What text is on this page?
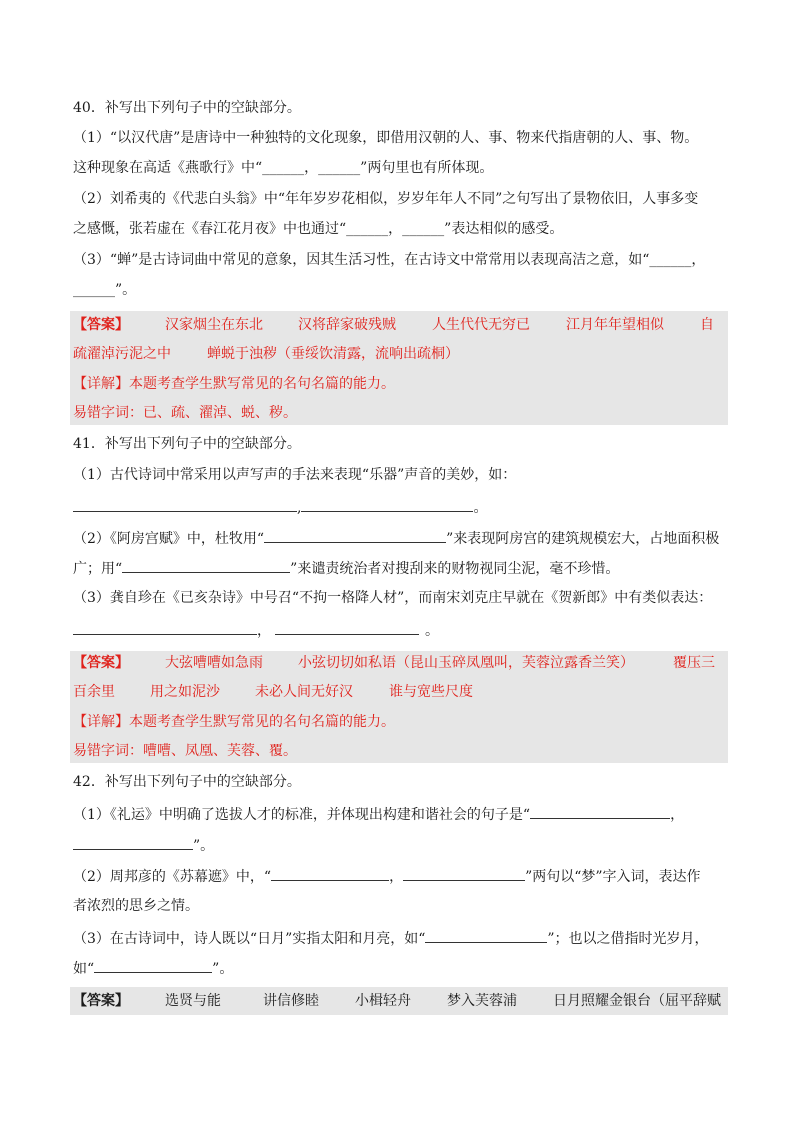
40．补写出下列句子中的空缺部分。
（1）“以汉代唐”是唐诗中一种独特的文化现象，即借用汉朝的人、事、物来代指唐朝的人、事、物。
这种现象在高适《燕歌行》中“______，______”两句里也有所体现。
（2）刘希夷的《代悲白头翁》中“年年岁岁花相似，岁岁年年人不同”之句写出了景物依旧，人事多变
之感慨，张若虚在《春江花月夜》中也通过“______，______”表达相似的感受。
（3）“蝉”是古诗词曲中常见的意象，因其生活习性，在古诗文中常常用以表现高洁之意，如“______，
______”。
【答案】	汉家烟尘在东北	汉将辞家破残贼	人生代代无穷已	江月年年望相似	自
疏濯淖污泥之中	蝉蜕于浊秽（垂绥饮清露，流响出疏桐）
【详解】本题考查学生默写常见的名句名篇的能力。
易错字词：已、疏、濯淖、蜕、秽。
41．补写出下列句子中的空缺部分。
（1）古代诗词中常采用以声写声的手法来表现“乐器”声音的美妙，如：
,	。
（2）《阿房宫赋》中，杜牧用“	”来表现阿房宫的建筑规模宏大，占地面积极
广；用“	”来谴责统治者对搜刮来的财物视同尘泥，毫不珍惜。
（3）龚自珍在《已亥杂诗》中号召“不拘一格降人材”，而南宋刘克庄早就在《贺新郎》中有类似表达：
，	。
【答案】	大弦嘈嘈如急雨	小弦切切如私语（昆山玉碎凤凰叫，芙蓉泣露香兰笑）	覆压三
百余里	用之如泥沙	未必人间无好汉	谁与宽些尺度
【详解】本题考查学生默写常见的名句名篇的能力。
易错字词：嘈嘈、凤凰、芙蓉、覆。
42．补写出下列句子中的空缺部分。
（1）《礼运》中明确了选拔人才的标准，并体现出构建和谐社会的句子是“	，
”。
（2）周邦彦的《苏幕遮》中，“	，	”两句以“梦”字入词，表达作
者浓烈的思乡之情。
（3）在古诗词中，诗人既以“日月”实指太阳和月亮，如“	”；也以之借指时光岁月，
如“	”。
【答案】	选贤与能	讲信修睦	小楫轻舟	梦入芙蓉浦	日月照耀金银台（屈平辞赋
